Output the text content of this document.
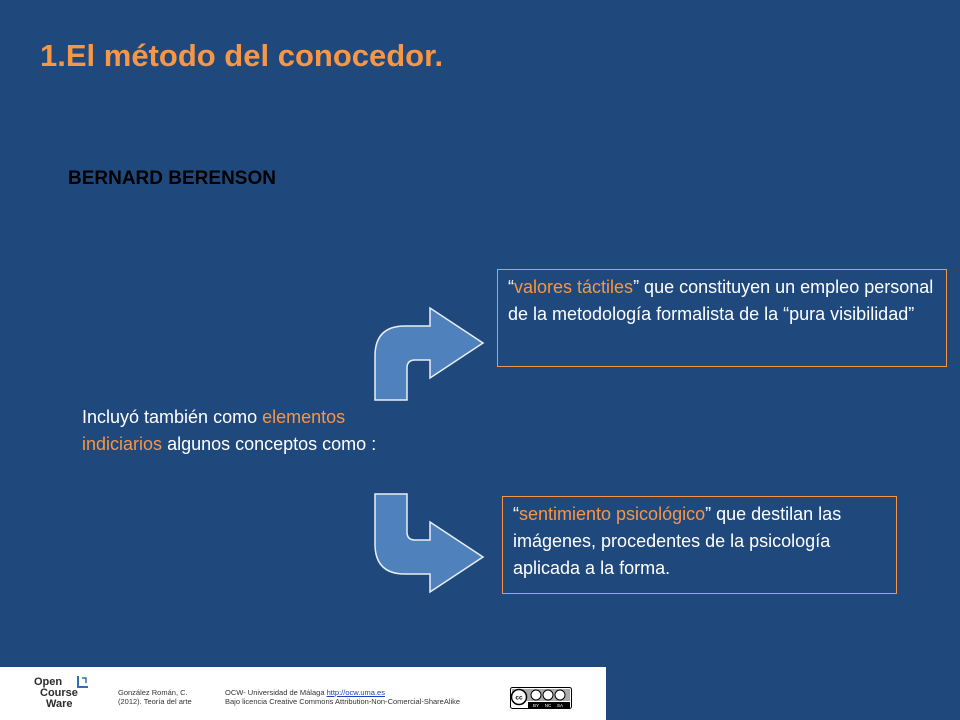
1.El método del conocedor.
BERNARD BERENSON
Incluyó también como elementos indiciarios algunos conceptos como :
“valores táctiles” que constituyen un empleo personal de la metodología formalista de la “pura visibilidad”
“sentimiento psicológico” que destilan las imágenes, procedentes de la psicología aplicada a la forma.
Open
Course
Ware
González Román, C.
(2012). Teoría del arte
OCW- Universidad de Málaga http://ocw.uma.es
Bajo licencia Creative Commons Attribution-Non-Comercial-ShareAlike	cc
BY NC SA
